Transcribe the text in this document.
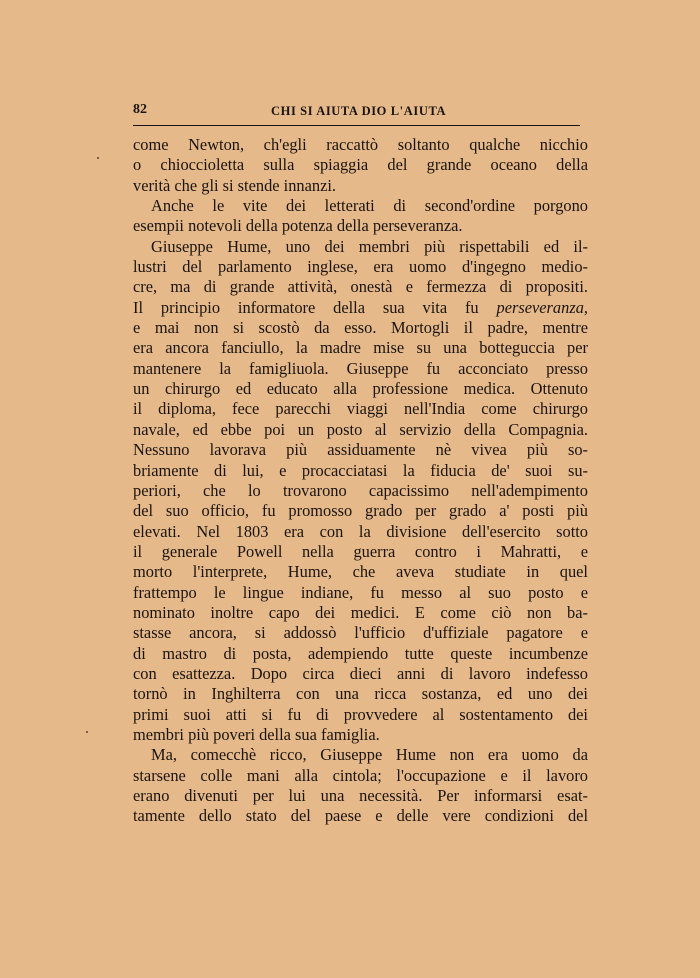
82	CHI SI AIUTA DIO L'AIUTA
come Newton, ch'egli raccattò soltanto qualche nicchio
o chioccioletta sulla spiaggia del grande oceano della
verità che gli si stende innanzi.
Anche le vite dei letterati di second'ordine porgono
esempii notevoli della potenza della perseveranza.
Giuseppe Hume, uno dei membri più rispettabili ed il-
lustri del parlamento inglese, era uomo d'ingegno medio-
cre, ma di grande attività, onestà e fermezza di propositi.
Il principio informatore della sua vita fu perseveranza,
e mai non si scostò da esso. Mortogli il padre, mentre
era ancora fanciullo, la madre mise su una botteguccia per
mantenere la famigliuola. Giuseppe fu acconciato presso
un chirurgo ed educato alla professione medica. Ottenuto
il diploma, fece parecchi viaggi nell'India come chirurgo
navale, ed ebbe poi un posto al servizio della Compagnia.
Nessuno lavorava più assiduamente nè vivea più so-
briamente di lui, e procacciatasi la fiducia de' suoi su-
periori, che lo trovarono capacissimo nell'adempimento
del suo officio, fu promosso grado per grado a' posti più
elevati. Nel 1803 era con la divisione dell'esercito sotto
il generale Powell nella guerra contro i Mahratti, e
morto l'interprete, Hume, che aveva studiate in quel
frattempo le lingue indiane, fu messo al suo posto e
nominato inoltre capo dei medici. E come ciò non ba-
stasse ancora, si addossò l'ufficio d'uffiziale pagatore e
di mastro di posta, adempiendo tutte queste incumbenze
con esattezza. Dopo circa dieci anni di lavoro indefesso
tornò in Inghilterra con una ricca sostanza, ed uno dei
primi suoi atti si fu di provvedere al sostentamento dei
membri più poveri della sua famiglia.
Ma, comecchè ricco, Giuseppe Hume non era uomo da
starsene colle mani alla cintola; l'occupazione e il lavoro
erano divenuti per lui una necessità. Per informarsi esat-
tamente dello stato del paese e delle vere condizioni del
